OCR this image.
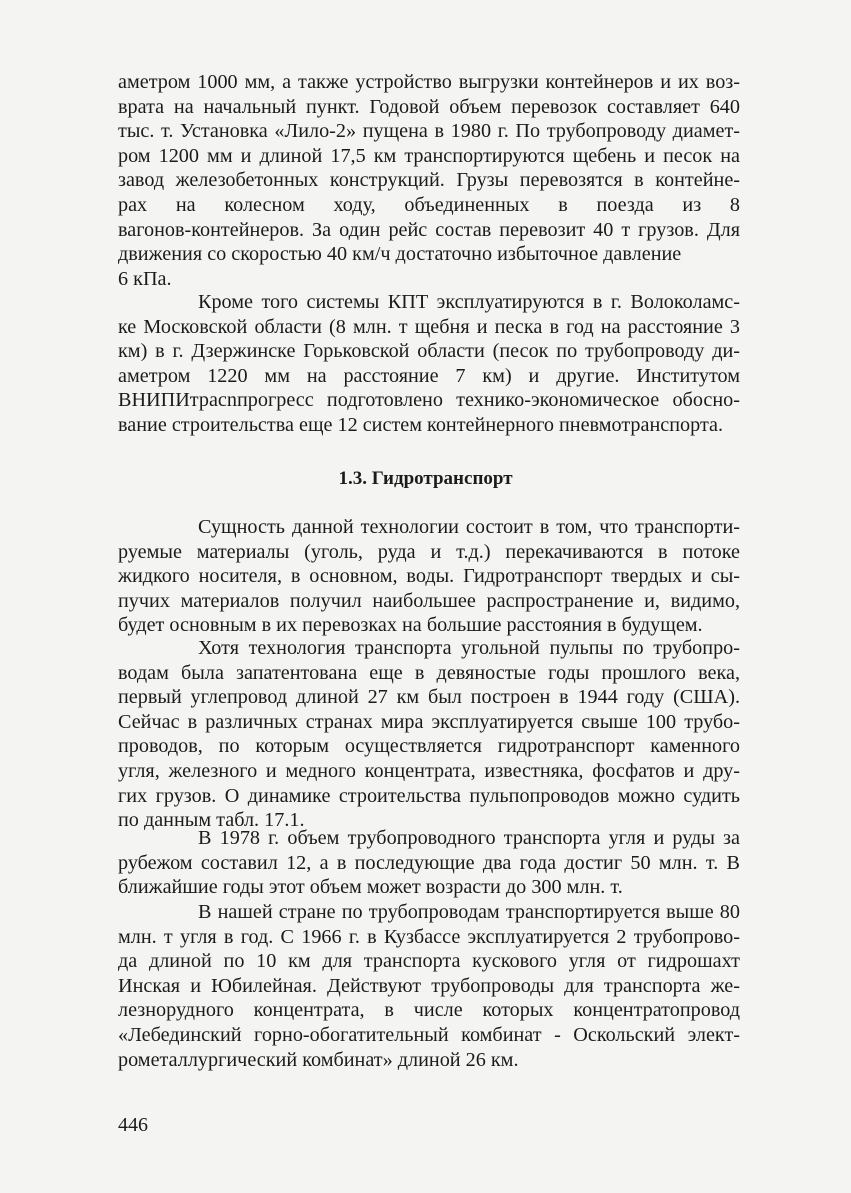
аметром 1000 мм, а также устройство выгрузки контейнеров и их воз-
врата на начальный пункт. Годовой объем перевозок составляет 640
тыс. т. Установка «Лило-2» пущена в 1980 г. По трубопроводу диамет-
ром 1200 мм и длиной 17,5 км транспортируются щебень и песок на
завод железобетонных конструкций. Грузы перевозятся в контейне-
рах на колесном ходу, объединенных в поезда из 8
вагонов-контейнеров. За один рейс состав перевозит 40 т грузов. Для
движения со скоростью 40 км/ч достаточно избыточное давление
6 кПа.
Кроме того системы КПТ эксплуатируются в г. Волоколамс-
ке Московской области (8 млн. т щебня и песка в год на расстояние 3
км) в г. Дзержинске Горьковской области (песок по трубопроводу ди-
аметром 1220 мм на расстояние 7 км) и другие. Институтом
ВНИПИтрасnпрогресс подготовлено технико-экономическое обосно-
вание строительства еще 12 систем контейнерного пневмотранспорта.
1.3. Гидротранспорт
Сущность данной технологии состоит в том, что транспорти-
руемые материалы (уголь, руда и т.д.) перекачиваются в потоке
жидкого носителя, в основном, воды. Гидротранспорт твердых и сы-
пучих материалов получил наибольшее распространение и, видимо,
будет основным в их перевозках на большие расстояния в будущем.
Хотя технология транспорта угольной пульпы по трубопро-
водам была запатентована еще в девяностые годы прошлого века,
первый углепровод длиной 27 км был построен в 1944 году (США).
Сейчас в различных странах мира эксплуатируется свыше 100 трубо-
проводов, по которым осуществляется гидротранспорт каменного
угля, железного и медного концентрата, известняка, фосфатов и дру-
гих грузов. О динамике строительства пульпопроводов можно судить
по данным табл. 17.1.
В 1978 г. объем трубопроводного транспорта угля и руды за
рубежом составил 12, а в последующие два года достиг 50 млн. т. В
ближайшие годы этот объем может возрасти до 300 млн. т.
В нашей стране по трубопроводам транспортируется выше 80
млн. т угля в год. С 1966 г. в Кузбассе эксплуатируется 2 трубопрово-
да длиной по 10 км для транспорта кускового угля от гидрошахт
Инская и Юбилейная. Действуют трубопроводы для транспорта же-
лезнорудного концентрата, в числе которых концентратопровод
«Лебединский горно-обогатительный комбинат - Оскольский элект-
рометаллургический комбинат» длиной 26 км.
446
